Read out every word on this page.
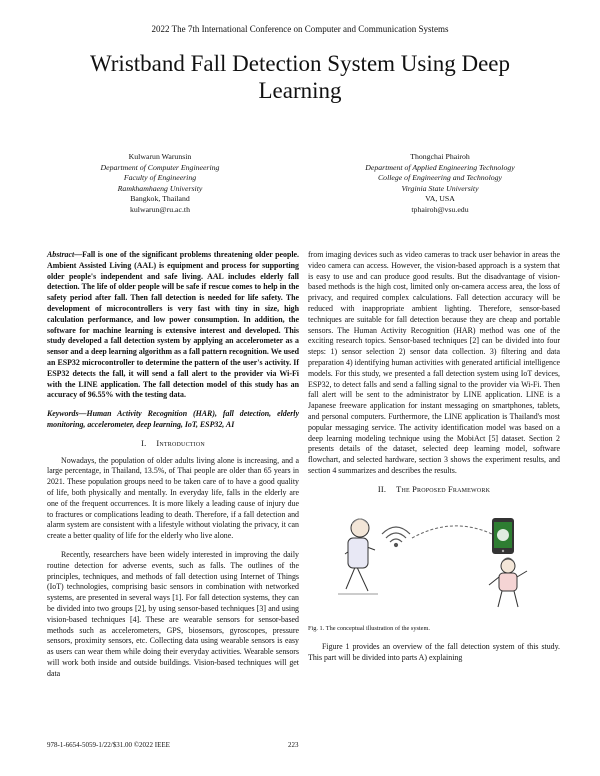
2022 The 7th International Conference on Computer and Communication Systems
Wristband Fall Detection System Using Deep Learning
Kulwarun Warunsin
Department of Computer Engineering
Faculty of Engineering
Ramkhamhaeng University
Bangkok, Thailand
kulwarun@ru.ac.th
Thongchai Phairoh
Department of Applied Engineering Technology
College of Engineering and Technology
Virginia State University
VA, USA
tphairoh@vsu.edu

Abstract—Fall is one of the significant problems threatening older people. Ambient Assisted Living (AAL) is equipment and process for supporting older people's independent and safe living. AAL includes elderly fall detection. The life of older people will be safe if rescue comes to help in the safety period after fall. Then fall detection is needed for life safety. The development of microcontrollers is very fast with tiny in size, high calculation performance, and low power consumption. In addition, the software for machine learning is extensive interest and developed. This study developed a fall detection system by applying an accelerometer as a sensor and a deep learning algorithm as a fall pattern recognition. We used an ESP32 microcontroller to determine the pattern of the user's activity. If ESP32 detects the fall, it will send a fall alert to the provider via Wi-Fi with the LINE application. The fall detection model of this study has an accuracy of 96.55% with the testing data.

Keywords—Human Activity Recognition (HAR), fall detection, elderly monitoring, accelerometer, deep learning, IoT, ESP32, AI

I. Introduction

Nowadays, the population of older adults living alone is increasing, and a large percentage, in Thailand, 13.5%, of Thai people are older than 65 years in 2021. These population groups need to be taken care of to have a good quality of life, both physically and mentally. In everyday life, falls in the elderly are one of the frequent occurrences. It is more likely a leading cause of injury due to fractures or complications leading to death. Therefore, if a fall detection and alarm system are consistent with a lifestyle without violating the privacy, it can create a better quality of life for the elderly who live alone.

Recently, researchers have been widely interested in improving the daily routine detection for adverse events, such as falls. The outlines of the principles, techniques, and methods of fall detection using Internet of Things (IoT) technologies, comprising basic sensors in combination with networked systems, are presented in several ways [1]. For fall detection systems, they can be divided into two groups [2], by using sensor-based techniques [3] and using vision-based techniques [4]. These are wearable sensors for sensor-based methods such as accelerometers, GPS, biosensors, gyroscopes, pressure sensors, proximity sensors, etc. Collecting data using wearable sensors is easy as users can wear them while doing their everyday activities. Wearable sensors will work both inside and outside buildings. Vision-based techniques will get data

from imaging devices such as video cameras to track user behavior in areas the video camera can access. However, the vision-based approach is a system that is easy to use and can produce good results. But the disadvantage of vision-based methods is the high cost, limited only on-camera access area, the loss of privacy, and required complex calculations. Fall detection accuracy will be reduced with inappropriate ambient lighting. Therefore, sensor-based techniques are suitable for fall detection because they are cheap and portable sensors. The Human Activity Recognition (HAR) method was one of the exciting research topics. Sensor-based techniques [2] can be divided into four steps: 1) sensor selection 2) sensor data collection. 3) filtering and data preparation 4) identifying human activities with generated artificial intelligence models. For this study, we presented a fall detection system using IoT devices, ESP32, to detect falls and send a falling signal to the provider via Wi-Fi. Then fall alert will be sent to the administrator by LINE application. LINE is a Japanese freeware application for instant messaging on smartphones, tablets, and personal computers. Furthermore, the LINE application is Thailand's most popular messaging service. The activity identification model was based on a deep learning modeling technique using the MobiAct [5] dataset. Section 2 presents details of the dataset, selected deep learning model, software flowchart, and selected hardware, section 3 shows the experiment results, and section 4 summarizes and describes the results.

II. The Proposed Framework

Fig. 1. The conceptual illustration of the system.

Figure 1 provides an overview of the fall detection system of this study. This part will be divided into parts A) explaining

978-1-6654-5059-1/22/$31.00 ©2022 IEEE	223
